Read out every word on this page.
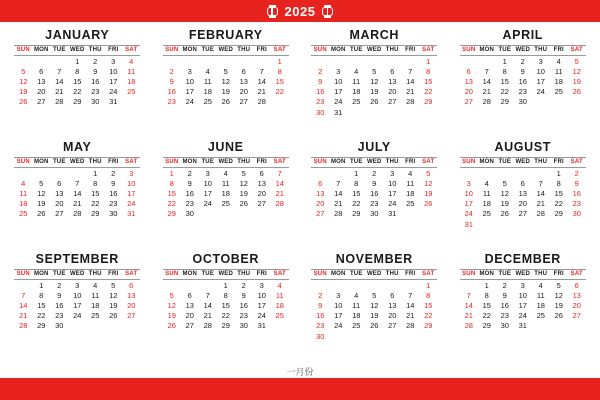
2025
JANUARY
SUN	MON	TUE	WED	THU	FRI	SAT
			1	2	3	4
5	6	7	8	9	10	11
12	13	14	15	16	17	18
19	20	21	22	23	24	25
26	27	28	29	30	31	
FEBRUARY
SUN	MON	TUE	WED	THU	FRI	SAT
						1
2	3	4	5	6	7	8
9	10	11	12	13	14	15
16	17	18	19	20	21	22
23	24	25	26	27	28	
MARCH
SUN	MON	TUE	WED	THU	FRI	SAT
						1
2	3	4	5	6	7	8
9	10	11	12	13	14	15
16	17	18	19	20	21	22
23	24	25	26	27	28	29
30	31					
APRIL
SUN	MON	TUE	WED	THU	FRI	SAT
		1	2	3	4	5
6	7	8	9	10	11	12
13	14	15	16	17	18	19
20	21	22	23	24	25	26
27	28	29	30			
MAY
SUN	MON	TUE	WED	THU	FRI	SAT
				1	2	3
4	5	6	7	8	9	10
11	12	13	14	15	16	17
18	19	20	21	22	23	24
25	26	27	28	29	30	31
JUNE
SUN	MON	TUE	WED	THU	FRI	SAT
1	2	3	4	5	6	7
8	9	10	11	12	13	14
15	16	17	18	19	20	21
22	23	24	25	26	27	28
29	30					
JULY
SUN	MON	TUE	WED	THU	FRI	SAT
		1	2	3	4	5
6	7	8	9	10	11	12
13	14	15	16	17	18	19
20	21	22	23	24	25	26
27	28	29	30	31		
AUGUST
SUN	MON	TUE	WED	THU	FRI	SAT
					1	2
3	4	5	6	7	8	9
10	11	12	13	14	15	16
17	18	19	20	21	22	23
24	25	26	27	28	29	30
31						
SEPTEMBER
SUN	MON	TUE	WED	THU	FRI	SAT
	1	2	3	4	5	6
7	8	9	10	11	12	13
14	15	16	17	18	19	20
21	22	23	24	25	26	27
28	29	30				
OCTOBER
SUN	MON	TUE	WED	THU	FRI	SAT
			1	2	3	4
5	6	7	8	9	10	11
12	13	14	15	16	17	18
19	20	21	22	23	24	25
26	27	28	29	30	31	
NOVEMBER
SUN	MON	TUE	WED	THU	FRI	SAT
						1
2	3	4	5	6	7	8
9	10	11	12	13	14	15
16	17	18	19	20	21	22
23	24	25	26	27	28	29
30						
DECEMBER
SUN	MON	TUE	WED	THU	FRI	SAT
	1	2	3	4	5	6
7	8	9	10	11	12	13
14	15	16	17	18	19	20
21	22	23	24	25	26	27
28	29	30	31			
一月份
